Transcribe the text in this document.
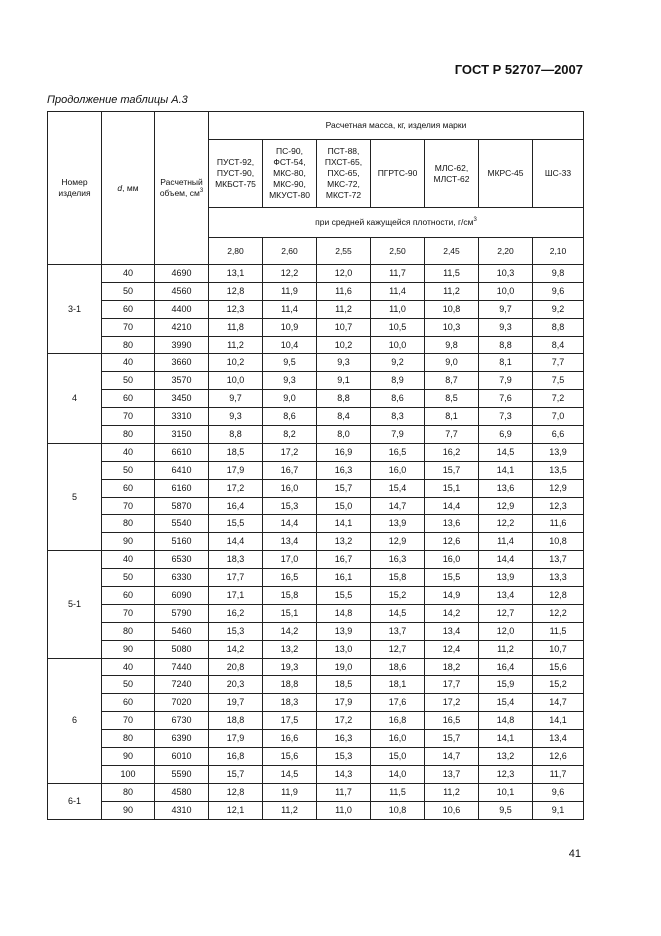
ГОСТ Р 52707—2007
Продолжение таблицы А.3
Номер
изделия	d, мм	Расчетный
объем, $см^3$	Расчетная масса, кг, изделия марки						
			ПУСТ-92,
ПУСТ-90,
МКБСТ-75	ПС-90,
ФСТ-54,
МКС-80,
МКС-90,
МКУСТ-80	ПСТ-88,
ПХСТ-65,
ПХС-65,
МКС-72,
МКСТ-72	ПГРТС-90	МЛС-62,
МЛСТ-62	МКРС-45	ШС-33
			при средней кажущейся плотности, $г/см^3$
			2,80	2,60	2,55	2,50	2,45	2,20	2,10
3-1	40	4690	13,1	12,2	12,0	11,7	11,5	10,3	9,8
	50	4560	12,8	11,9	11,6	11,4	11,2	10,0	9,6
	60	4400	12,3	11,4	11,2	11,0	10,8	9,7	9,2
	70	4210	11,8	10,9	10,7	10,5	10,3	9,3	8,8
	80	3990	11,2	10,4	10,2	10,0	9,8	8,8	8,4
4	40	3660	10,2	9,5	9,3	9,2	9,0	8,1	7,7
	50	3570	10,0	9,3	9,1	8,9	8,7	7,9	7,5
	60	3450	9,7	9,0	8,8	8,6	8,5	7,6	7,2
	70	3310	9,3	8,6	8,4	8,3	8,1	7,3	7,0
	80	3150	8,8	8,2	8,0	7,9	7,7	6,9	6,6
5	40	6610	18,5	17,2	16,9	16,5	16,2	14,5	13,9
	50	6410	17,9	16,7	16,3	16,0	15,7	14,1	13,5
	60	6160	17,2	16,0	15,7	15,4	15,1	13,6	12,9
	70	5870	16,4	15,3	15,0	14,7	14,4	12,9	12,3
	80	5540	15,5	14,4	14,1	13,9	13,6	12,2	11,6
	90	5160	14,4	13,4	13,2	12,9	12,6	11,4	10,8
5-1	40	6530	18,3	17,0	16,7	16,3	16,0	14,4	13,7
	50	6330	17,7	16,5	16,1	15,8	15,5	13,9	13,3
	60	6090	17,1	15,8	15,5	15,2	14,9	13,4	12,8
	70	5790	16,2	15,1	14,8	14,5	14,2	12,7	12,2
	80	5460	15,3	14,2	13,9	13,7	13,4	12,0	11,5
	90	5080	14,2	13,2	13,0	12,7	12,4	11,2	10,7
6	40	7440	20,8	19,3	19,0	18,6	18,2	16,4	15,6
	50	7240	20,3	18,8	18,5	18,1	17,7	15,9	15,2
	60	7020	19,7	18,3	17,9	17,6	17,2	15,4	14,7
	70	6730	18,8	17,5	17,2	16,8	16,5	14,8	14,1
	80	6390	17,9	16,6	16,3	16,0	15,7	14,1	13,4
	90	6010	16,8	15,6	15,3	15,0	14,7	13,2	12,6
	100	5590	15,7	14,5	14,3	14,0	13,7	12,3	11,7
6-1	80	4580	12,8	11,9	11,7	11,5	11,2	10,1	9,6
	90	4310	12,1	11,2	11,0	10,8	10,6	9,5	9,1
41
